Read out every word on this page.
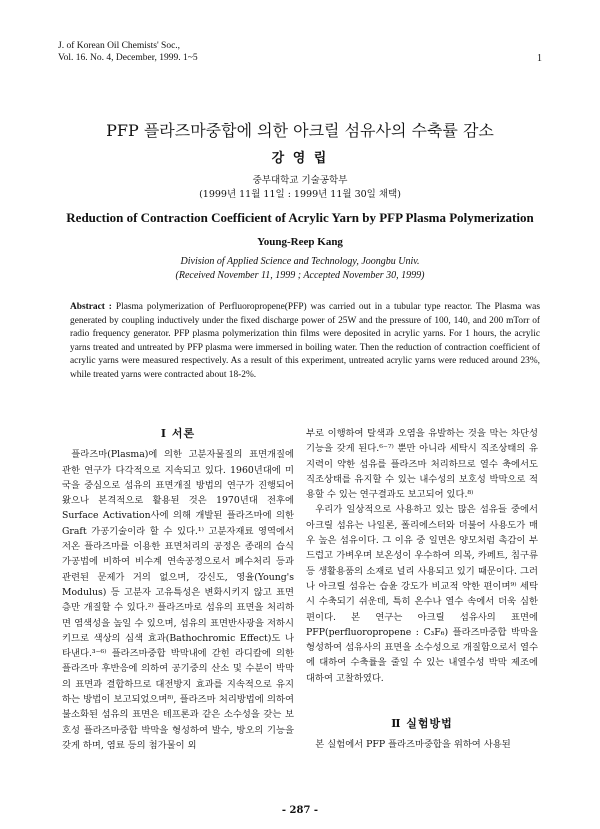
J. of Korean Oil Chemists' Soc.,
Vol. 16. No. 4, December, 1999. 1~5	1
PFP 플라즈마중합에 의한 아크릴 섬유사의 수축률 감소
강 영 립
중부대학교 기술공학부
(1999년 11월 11일 : 1999년 11월 30일 채택)
Reduction of Contraction Coefficient of Acrylic Yarn by PFP Plasma Polymerization
Young-Reep Kang
Division of Applied Science and Technology, Joongbu Univ.
(Received November 11, 1999 ; Accepted November 30, 1999)
Abstract : Plasma polymerization of Perfluoropropene(PFP) was carried out in a tubular type reactor. The Plasma was generated by coupling inductively under the fixed discharge power of 25W and the pressure of 100, 140, and 200 mTorr of radio frequency generator. PFP plasma polymerization thin films were deposited in acrylic yarns. For 1 hours, the acrylic yarns treated and untreated by PFP plasma were immersed in boiling water. Then the reduction of contraction coefficient of acrylic yarns were measured respectively. As a result of this experiment, untreated acrylic yarns were reduced around 23%, while treated yarns were contracted about 18-2%.
Ⅰ 서론

플라즈마(Plasma)에 의한 고분자물질의 표면개질에 관한 연구가 다각적으로 지속되고 있다. 1960년대에 미국을 중심으로 섬유의 표면개질 방법의 연구가 진행되어 왔으나 본격적으로 활용된 것은 1970년대 전후에 Surface Activation사에 의해 개발된 플라즈마에 의한 Graft 가공기술이라 할 수 있다.¹⁾ 고분자재료 영역에서 저온 플라즈마를 이용한 표면처리의 공정은 종래의 습식 가공법에 비하여 비수계 연속공정으로서 폐수처리 등과 관련된 문제가 거의 없으며, 강신도, 영율(Young's Modulus) 등 고분자 고유특성은 변화시키지 않고 표면층만 개질할 수 있다.²⁾ 플라즈마로 섬유의 표면을 처리하면 염색성을 높일 수 있으며, 섬유의 표면반사광을 저하시키므로 색상의 심색 효과(Bathochromic Effect)도 나타낸다.³⁻⁶⁾ 플라즈마중합 박막내에 갇힌 라디칼에 의한 플라즈마 후반응에 의하여 공기중의 산소 및 수분이 박막의 표면과 결합하므로 대전방지 효과를 지속적으로 유지하는 방법이 보고되었으며⁸⁾, 플라즈마 처리방법에 의하여 불소화된 섬유의 표면은 테프론과 같은 소수성을 갖는 보호성 플라즈마중합 박막을 형성하여 발수, 방오의 기능을 갖게 하며, 염료 등의 첨가물이 외

부로 이행하여 탈색과 오염을 유발하는 것을 막는 차단성 기능을 갖게 된다.⁶⁻⁷⁾ 뿐만 아니라 세탁시 직조상태의 유지력이 약한 섬유를 플라즈마 처리하므로 열수 축에서도 직조상태를 유지할 수 있는 내수성의 보호성 박막으로 적용할 수 있는 연구결과도 보고되어 있다.⁸⁾

우리가 일상적으로 사용하고 있는 많은 섬유들 중에서 아크릴 섬유는 나일론, 폴리에스터와 더불어 사용도가 매우 높은 섬유이다. 그 이유 중 일면은 양모처럼 촉감이 부드럽고 가벼우며 보온성이 우수하여 의복, 카페트, 침구류 등 생활용품의 소재로 널리 사용되고 있기 때문이다. 그러나 아크릴 섬유는 습윤 강도가 비교적 약한 편이며⁹⁾ 세탁시 수축되기 쉬운데, 특히 온수나 열수 속에서 더욱 심한 편이다. 본 연구는 아크릴 섬유사의 표면에 PFP(perfluoropropene : C₃F₆) 플라즈마중합 박막을 형성하여 섬유사의 표면을 소수성으로 개질함으로서 열수에 대하여 수축률을 줄일 수 있는 내열수성 박막 제조에 대하여 고찰하였다.

Ⅱ 실험방법

본 실험에서 PFP 플라즈마중합을 위하여 사용된

- 287 -
